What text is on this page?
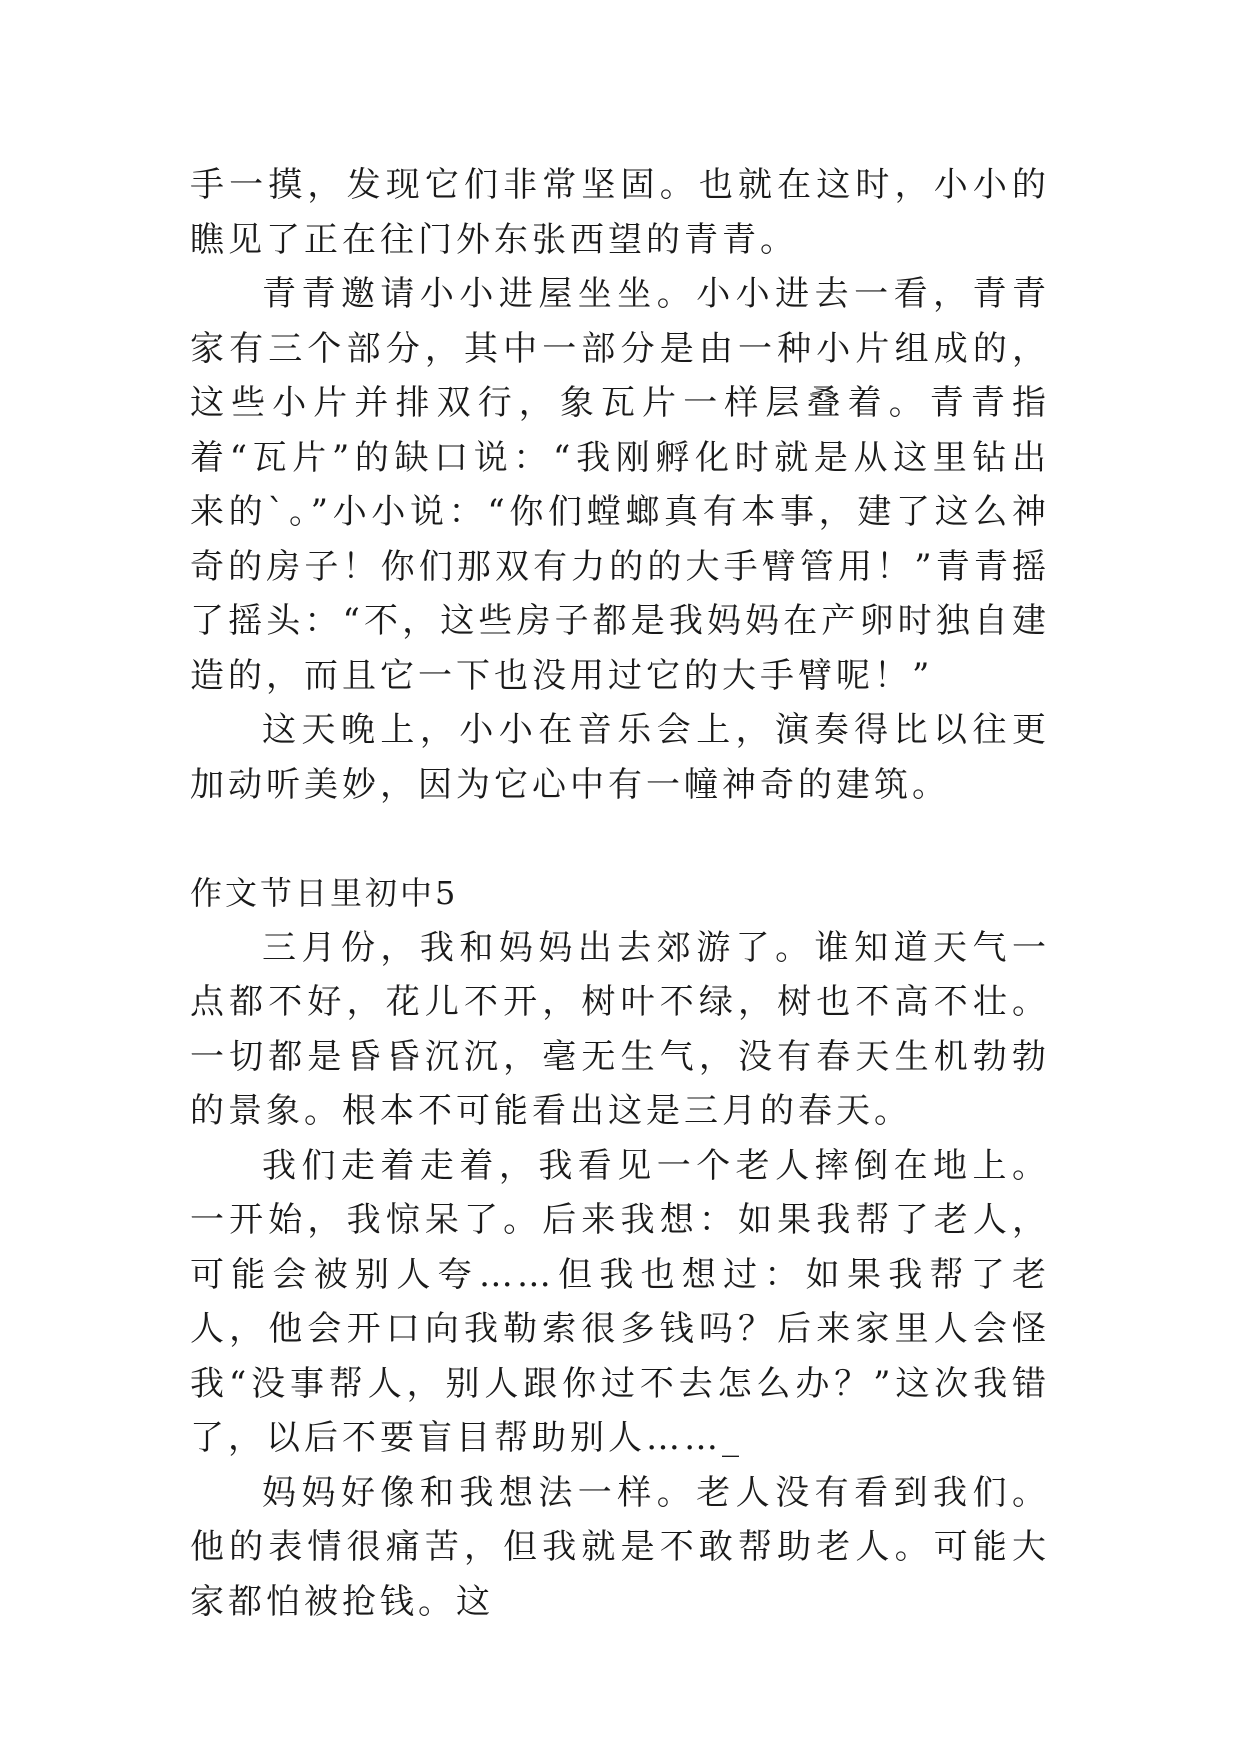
手一摸，发现它们非常坚固。也就在这时，小小的瞧见了正在往门外东张西望的青青。

青青邀请小小进屋坐坐。小小进去一看，青青家有三个部分，其中一部分是由一种小片组成的，这些小片并排双行，象瓦片一样层叠着。青青指着“瓦片”的缺口说：“我刚孵化时就是从这里钻出来的`。”小小说：“你们螳螂真有本事，建了这么神奇的房子！你们那双有力的的大手臂管用！”青青摇了摇头：“不，这些房子都是我妈妈在产卵时独自建造的，而且它一下也没用过它的大手臂呢！”

这天晚上，小小在音乐会上，演奏得比以往更加动听美妙，因为它心中有一幢神奇的建筑。

作文节日里初中5

三月份，我和妈妈出去郊游了。谁知道天气一点都不好，花儿不开，树叶不绿，树也不高不壮。一切都是昏昏沉沉，毫无生气，没有春天生机勃勃的景象。根本不可能看出这是三月的春天。

我们走着走着，我看见一个老人摔倒在地上。一开始，我惊呆了。后来我想：如果我帮了老人，可能会被别人夸……但我也想过：如果我帮了老人，他会开口向我勒索很多钱吗？后来家里人会怪我“没事帮人，别人跟你过不去怎么办？”这次我错了，以后不要盲目帮助别人……_

妈妈好像和我想法一样。老人没有看到我们。他的表情很痛苦，但我就是不敢帮助老人。可能大家都怕被抢钱。这
